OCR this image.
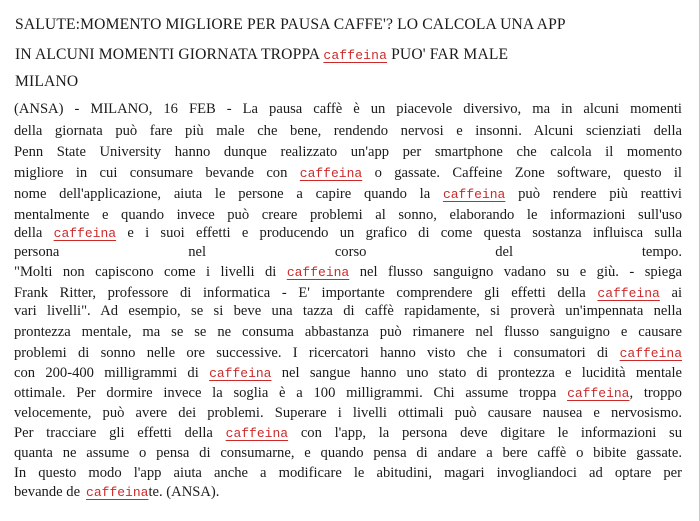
SALUTE:MOMENTO MIGLIORE PER PAUSA CAFFE'? LO CALCOLA UNA APP
IN ALCUNI MOMENTI GIORNATA TROPPA caffeina PUO' FAR MALE
MILANO
(ANSA) - MILANO, 16 FEB - La pausa caffè è un piacevole diversivo, ma in alcuni momenti
della giornata può fare più male che bene, rendendo nervosi e insonni. Alcuni scienziati della
Penn State University hanno dunque realizzato un'app per smartphone che calcola il momento
migliore in cui consumare bevande con caffeina o gassate. Caffeine Zone software, questo il
nome dell'applicazione, aiuta le persone a capire quando la caffeina può rendere più reattivi
mentalmente e quando invece può creare problemi al sonno, elaborando le informazioni sull'uso
della caffeina e i suoi effetti e producendo un grafico di come questa sostanza influisca sulla
persona nel corso del tempo.
"Molti non capiscono come i livelli di caffeina nel flusso sanguigno vadano su e giù. - spiega
Frank Ritter, professore di informatica - E' importante comprendere gli effetti della caffeina ai
vari livelli". Ad esempio, se si beve una tazza di caffè rapidamente, si proverà un'impennata nella
prontezza mentale, ma se se ne consuma abbastanza può rimanere nel flusso sanguigno e causare
problemi di sonno nelle ore successive. I ricercatori hanno visto che i consumatori di caffeina
con 200-400 milligrammi di caffeina nel sangue hanno uno stato di prontezza e lucidità mentale
ottimale. Per dormire invece la soglia è a 100 milligrammi. Chi assume troppa caffeina, troppo
velocemente, può avere dei problemi. Superare i livelli ottimali può causare nausea e nervosismo.
Per tracciare gli effetti della caffeina con l'app, la persona deve digitare le informazioni su
quanta ne assume o pensa di consumarne, e quando pensa di andare a bere caffè o bibite gassate.
In questo modo l'app aiuta anche a modificare le abitudini, magari invogliandoci ad optare per
bevande de caffeinate. (ANSA).
